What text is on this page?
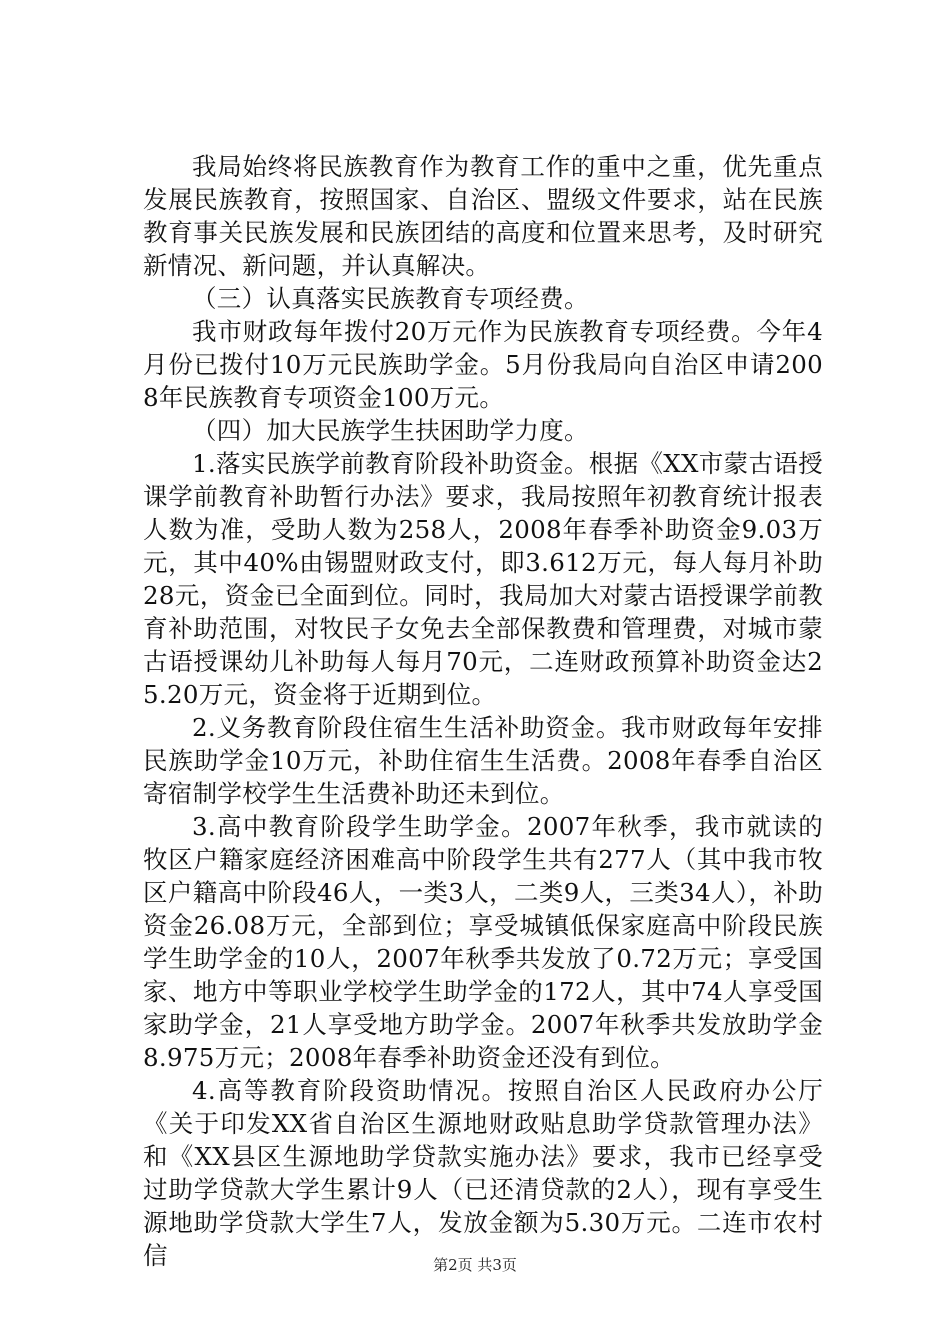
我局始终将民族教育作为教育工作的重中之重，优先重点发展民族教育，按照国家、自治区、盟级文件要求，站在民族教育事关民族发展和民族团结的高度和位置来思考，及时研究新情况、新问题，并认真解决。

（三）认真落实民族教育专项经费。

我市财政每年拨付20万元作为民族教育专项经费。今年4月份已拨付10万元民族助学金。5月份我局向自治区申请2008年民族教育专项资金100万元。

（四）加大民族学生扶困助学力度。

1.落实民族学前教育阶段补助资金。根据《XX市蒙古语授课学前教育补助暂行办法》要求，我局按照年初教育统计报表人数为准，受助人数为258人，2008年春季补助资金9.03万元，其中40%由锡盟财政支付，即3.612万元，每人每月补助28元，资金已全面到位。同时，我局加大对蒙古语授课学前教育补助范围，对牧民子女免去全部保教费和管理费，对城市蒙古语授课幼儿补助每人每月70元，二连财政预算补助资金达25.20万元，资金将于近期到位。

2.义务教育阶段住宿生生活补助资金。我市财政每年安排民族助学金10万元，补助住宿生生活费。2008年春季自治区寄宿制学校学生生活费补助还未到位。

3.高中教育阶段学生助学金。2007年秋季，我市就读的牧区户籍家庭经济困难高中阶段学生共有277人（其中我市牧区户籍高中阶段46人，一类3人，二类9人，三类34人），补助资金26.08万元，全部到位；享受城镇低保家庭高中阶段民族学生助学金的10人，2007年秋季共发放了0.72万元；享受国家、地方中等职业学校学生助学金的172人，其中74人享受国家助学金，21人享受地方助学金。2007年秋季共发放助学金8.975万元；2008年春季补助资金还没有到位。

4.高等教育阶段资助情况。按照自治区人民政府办公厅《关于印发XX省自治区生源地财政贴息助学贷款管理办法》和《XX县区生源地助学贷款实施办法》要求，我市已经享受过助学贷款大学生累计9人（已还清贷款的2人），现有享受生源地助学贷款大学生7人，发放金额为5.30万元。二连市农村信	第2页 共3页
